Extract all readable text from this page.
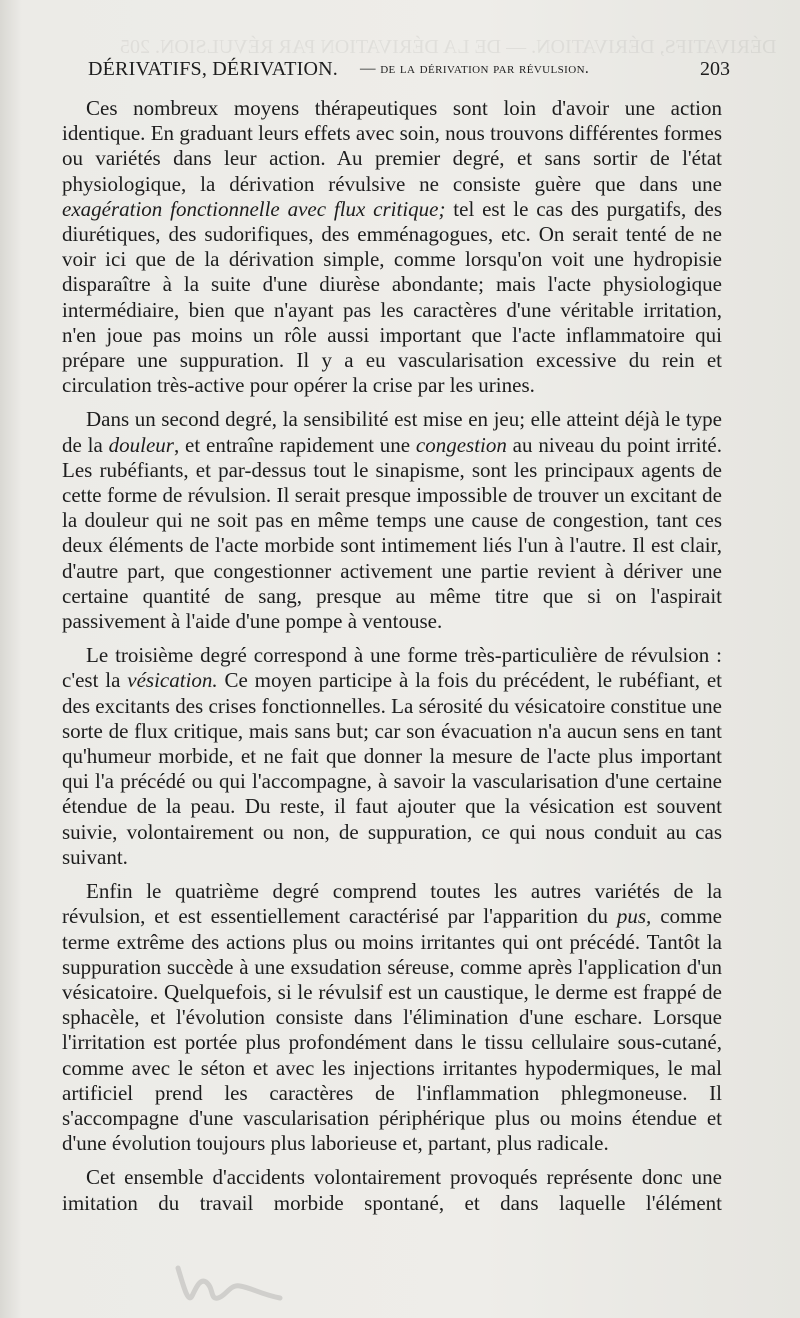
DÉRIVATIFS, DÉRIVATION. — DE LA DÉRIVATION PAR RÉVULSION. 205
DÉRIVATIFS, DÉRIVATION. — de la dérivation par révulsion.	203

Ces nombreux moyens thérapeutiques sont loin d'avoir une action identique. En graduant leurs effets avec soin, nous trouvons différentes formes ou variétés dans leur action. Au premier degré, et sans sortir de l'état physiologique, la dérivation révulsive ne consiste guère que dans une exagération fonctionnelle avec flux critique; tel est le cas des purgatifs, des diurétiques, des sudorifiques, des emménagogues, etc. On serait tenté de ne voir ici que de la dérivation simple, comme lorsqu'on voit une hydropisie disparaître à la suite d'une diurèse abondante; mais l'acte physiologique intermédiaire, bien que n'ayant pas les caractères d'une véritable irritation, n'en joue pas moins un rôle aussi important que l'acte inflammatoire qui prépare une suppuration. Il y a eu vascularisation excessive du rein et circulation très-active pour opérer la crise par les urines.

Dans un second degré, la sensibilité est mise en jeu; elle atteint déjà le type de la douleur, et entraîne rapidement une congestion au niveau du point irrité. Les rubéfiants, et par-dessus tout le sinapisme, sont les principaux agents de cette forme de révulsion. Il serait presque impossible de trouver un excitant de la douleur qui ne soit pas en même temps une cause de congestion, tant ces deux éléments de l'acte morbide sont intimement liés l'un à l'autre. Il est clair, d'autre part, que congestionner activement une partie revient à dériver une certaine quantité de sang, presque au même titre que si on l'aspirait passivement à l'aide d'une pompe à ventouse.

Le troisième degré correspond à une forme très-particulière de révulsion : c'est la vésication. Ce moyen participe à la fois du précédent, le rubéfiant, et des excitants des crises fonctionnelles. La sérosité du vésicatoire constitue une sorte de flux critique, mais sans but; car son évacuation n'a aucun sens en tant qu'humeur morbide, et ne fait que donner la mesure de l'acte plus important qui l'a précédé ou qui l'accompagne, à savoir la vascularisation d'une certaine étendue de la peau. Du reste, il faut ajouter que la vésication est souvent suivie, volontairement ou non, de suppuration, ce qui nous conduit au cas suivant.

Enfin le quatrième degré comprend toutes les autres variétés de la révulsion, et est essentiellement caractérisé par l'apparition du pus, comme terme extrême des actions plus ou moins irritantes qui ont précédé. Tantôt la suppuration succède à une exsudation séreuse, comme après l'application d'un vésicatoire. Quelquefois, si le révulsif est un caustique, le derme est frappé de sphacèle, et l'évolution consiste dans l'élimination d'une eschare. Lorsque l'irritation est portée plus profondément dans le tissu cellulaire sous-cutané, comme avec le séton et avec les injections irritantes hypodermiques, le mal artificiel prend les caractères de l'inflammation phlegmoneuse. Il s'accompagne d'une vascularisation périphérique plus ou moins étendue et d'une évolution toujours plus laborieuse et, partant, plus radicale.

Cet ensemble d'accidents volontairement provoqués représente donc une imitation du travail morbide spontané, et dans laquelle l'élément
